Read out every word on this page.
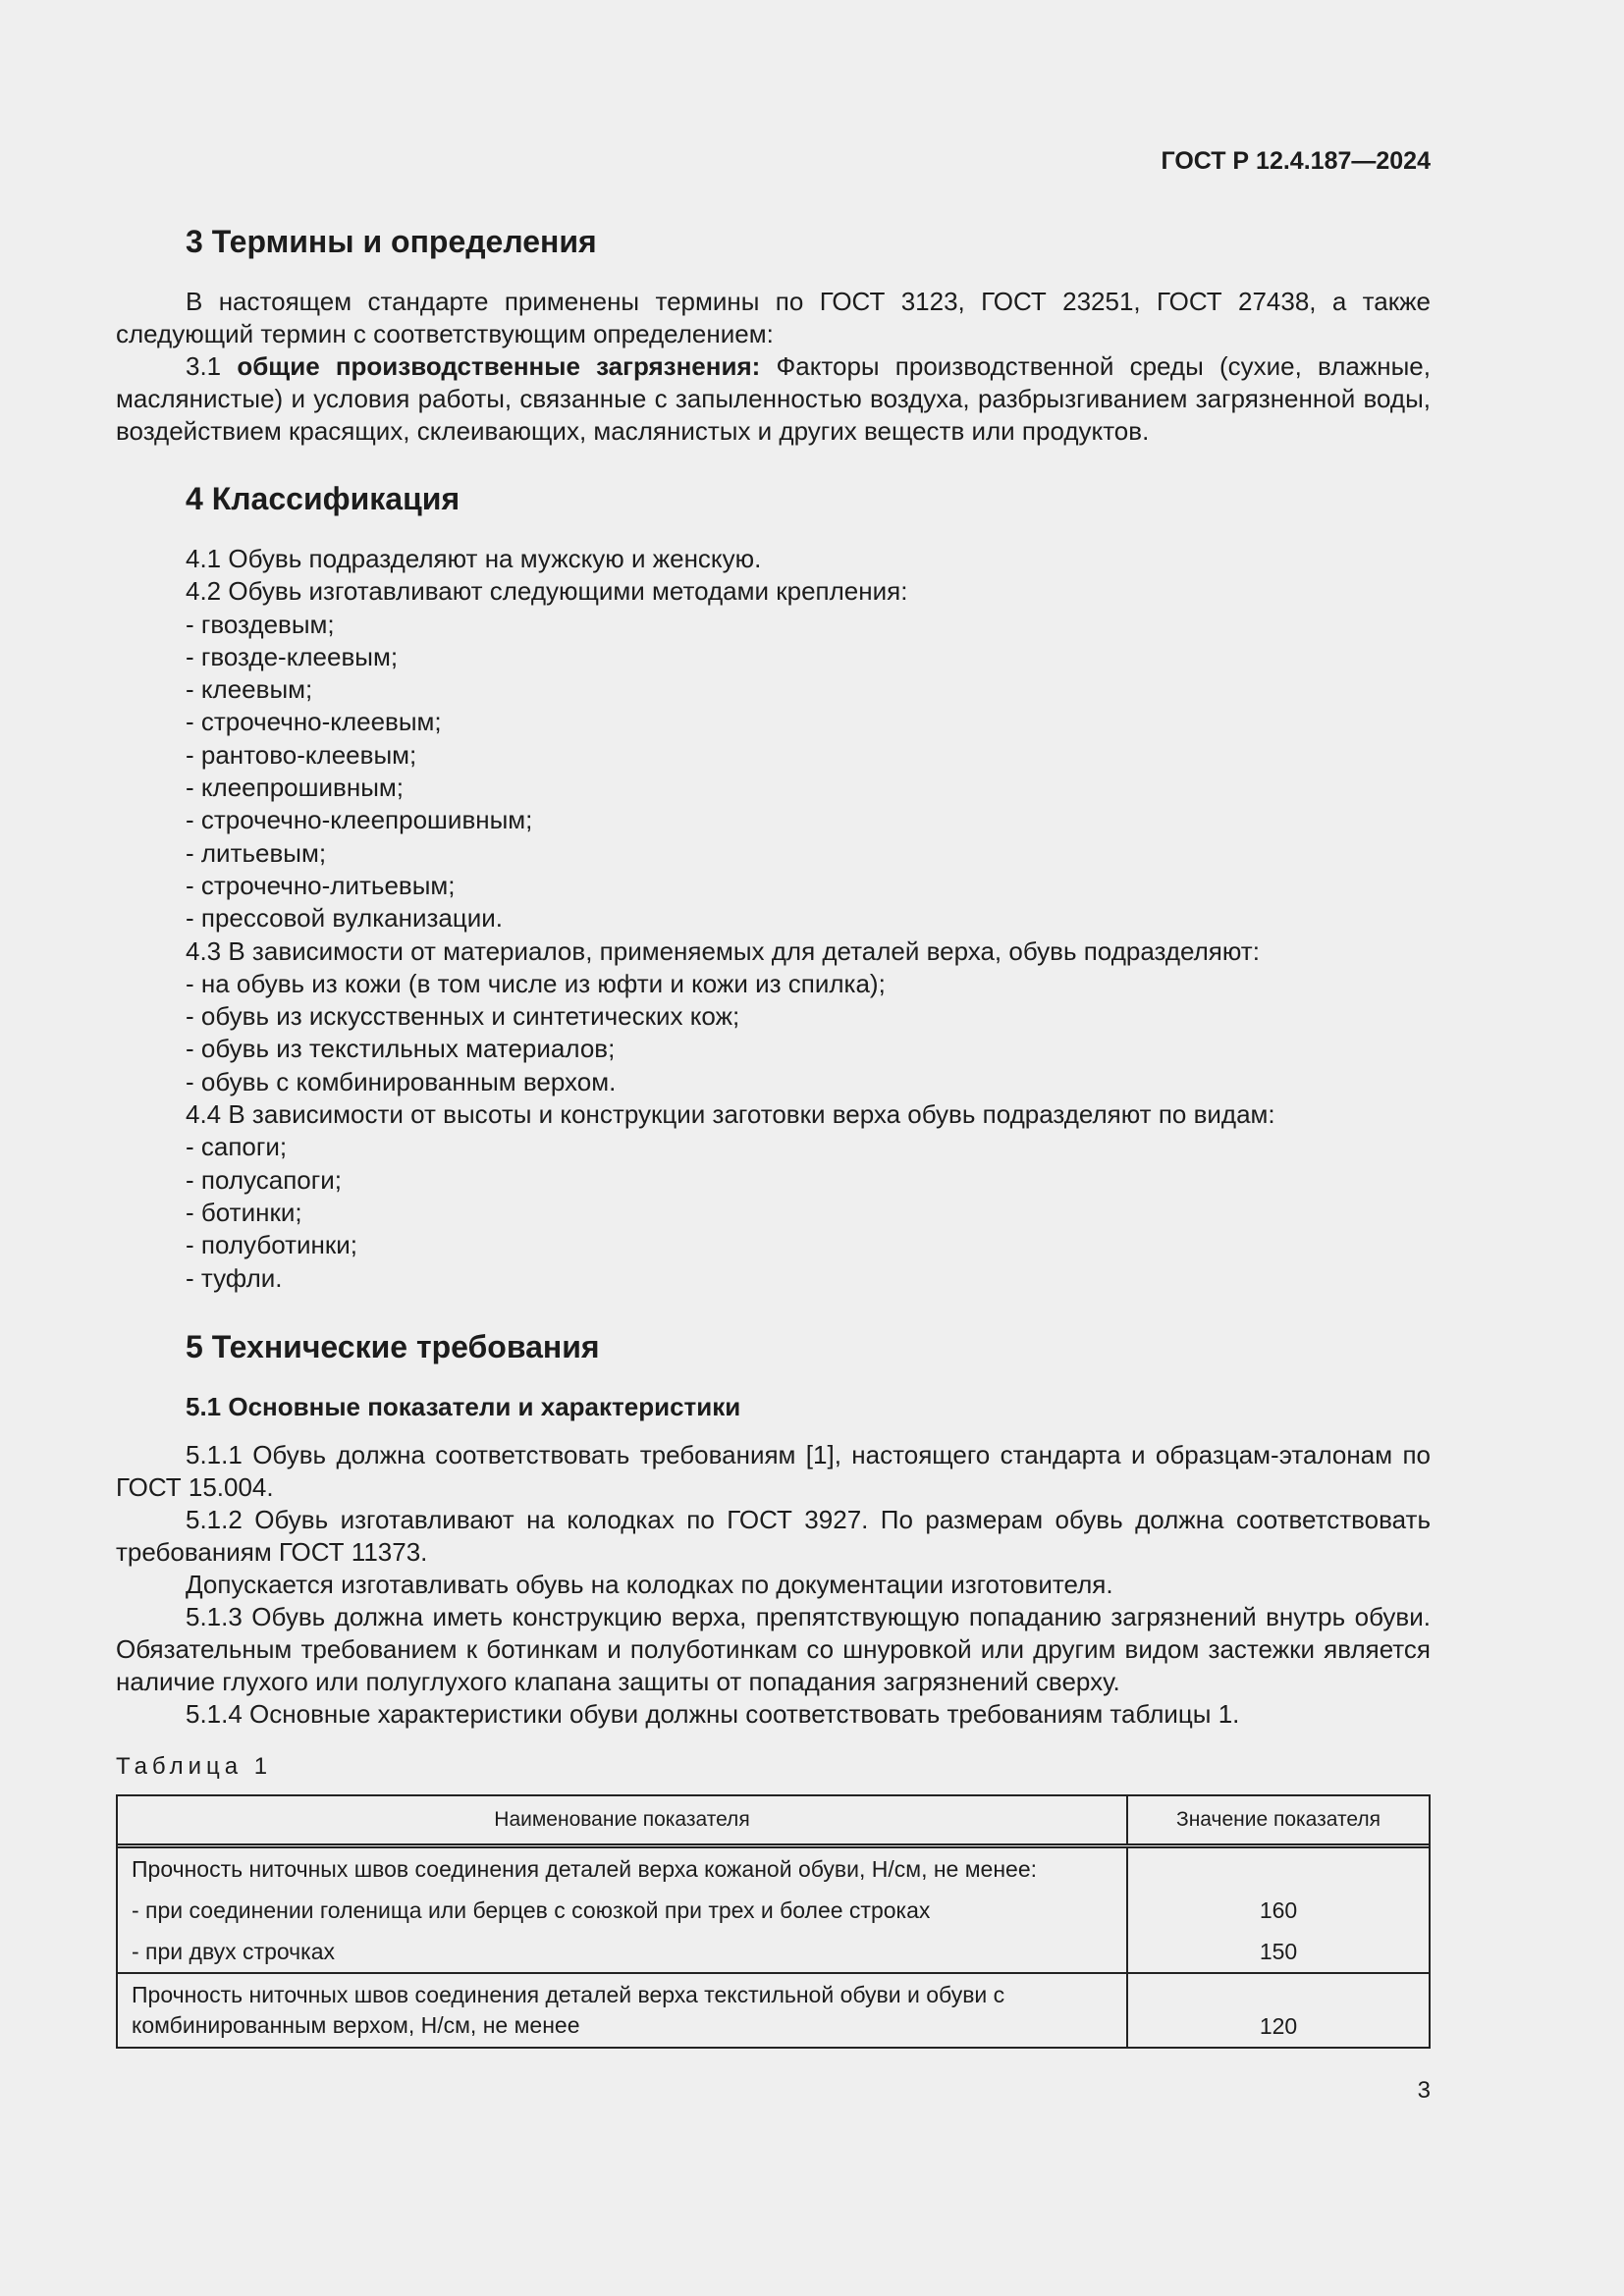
ГОСТ Р 12.4.187—2024
3 Термины и определения

В настоящем стандарте применены термины по ГОСТ 3123, ГОСТ 23251, ГОСТ 27438, а также следующий термин с соответствующим определением:

3.1 общие производственные загрязнения: Факторы производственной среды (сухие, влажные, маслянистые) и условия работы, связанные с запыленностью воздуха, разбрызгиванием загрязненной воды, воздействием красящих, склеивающих, маслянистых и других веществ или продуктов.

4 Классификация
4.1 Обувь подразделяют на мужскую и женскую.
4.2 Обувь изготавливают следующими методами крепления:
- гвоздевым;
- гвозде-клеевым;
- клеевым;
- строчечно-клеевым;
- рантово-клеевым;
- клеепрошивным;
- строчечно-клеепрошивным;
- литьевым;
- строчечно-литьевым;
- прессовой вулканизации.
4.3 В зависимости от материалов, применяемых для деталей верха, обувь подразделяют:
- на обувь из кожи (в том числе из юфти и кожи из спилка);
- обувь из искусственных и синтетических кож;
- обувь из текстильных материалов;
- обувь с комбинированным верхом.
4.4 В зависимости от высоты и конструкции заготовки верха обувь подразделяют по видам:
- сапоги;
- полусапоги;
- ботинки;
- полуботинки;
- туфли.
5 Технические требования
5.1 Основные показатели и характеристики

5.1.1 Обувь должна соответствовать требованиям [1], настоящего стандарта и образцам-эталонам по ГОСТ 15.004.

5.1.2 Обувь изготавливают на колодках по ГОСТ 3927. По размерам обувь должна соответствовать требованиям ГОСТ 11373.

Допускается изготавливать обувь на колодках по документации изготовителя.

5.1.3 Обувь должна иметь конструкцию верха, препятствующую попаданию загрязнений внутрь обуви. Обязательным требованием к ботинкам и полуботинкам со шнуровкой или другим видом застежки является наличие глухого или полуглухого клапана защиты от попадания загрязнений сверху.

5.1.4 Основные характеристики обуви должны соответствовать требованиям таблицы 1.

Таблица 1
Наименование показателя	Значение показателя
Прочность ниточных швов соединения деталей верха кожаной обуви, Н/см, не менее:
- при соединении голенища или берцев с союзкой при трех и более строках
- при двух строчках
160
150
Прочность ниточных швов соединения деталей верха текстильной обуви и обуви с комбинированным верхом, Н/см, не менее	120
3
